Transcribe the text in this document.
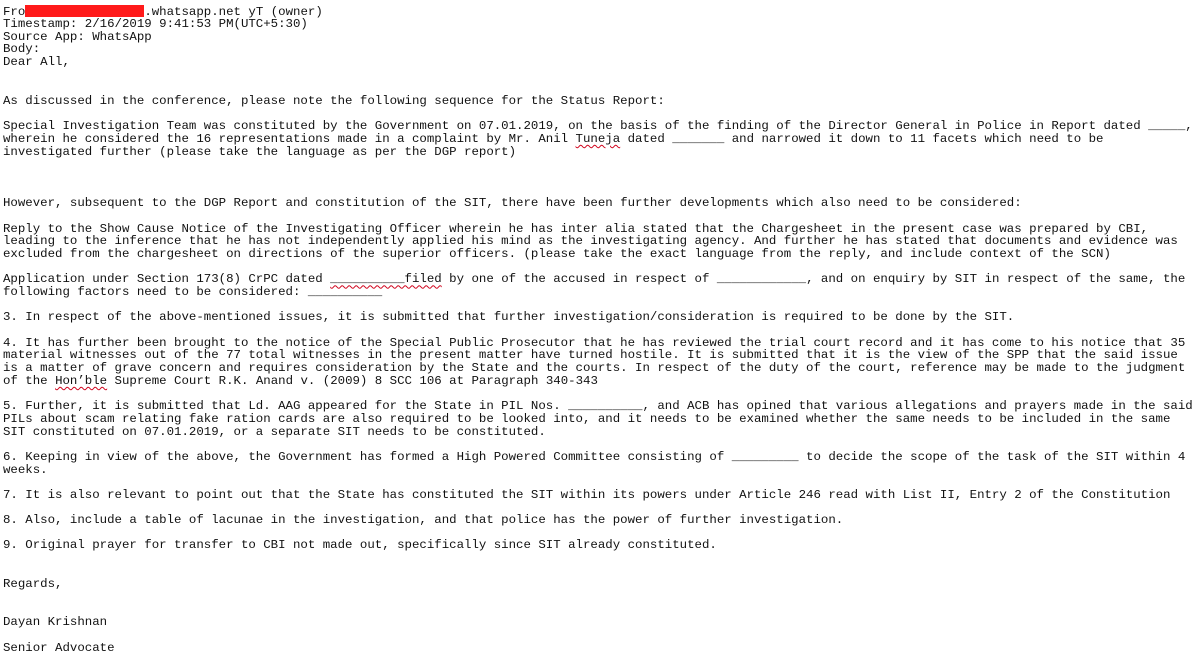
Fro	.whatsapp.net yT (owner)
Timestamp: 2/16/2019 9:41:53 PM(UTC+5:30)
Source App: WhatsApp
Body:
Dear All,
As discussed in the conference, please note the following sequence for the Status Report:
Special Investigation Team was constituted by the Government on 07.01.2019, on the basis of the finding of the Director General in Police in Report dated _____, wherein he considered the 16 representations made in a complaint by Mr. Anil Tuneja dated _______ and narrowed it down to 11 facets which need to be investigated further (please take the language as per the DGP report)
However, subsequent to the DGP Report and constitution of the SIT, there have been further developments which also need to be considered:
Reply to the Show Cause Notice of the Investigating Officer wherein he has inter alia stated that the Chargesheet in the present case was prepared by CBI, leading to the inference that he has not independently applied his mind as the investigating agency. And further he has stated that documents and evidence was excluded from the chargesheet on directions of the superior officers. (please take the exact language from the reply, and include context of the SCN)
Application under Section 173(8) CrPC dated __________filed by one of the accused in respect of ____________, and on enquiry by SIT in respect of the same, the following factors need to be considered: __________
3. In respect of the above-mentioned issues, it is submitted that further investigation/consideration is required to be done by the SIT.
4. It has further been brought to the notice of the Special Public Prosecutor that he has reviewed the trial court record and it has come to his notice that 35 material witnesses out of the 77 total witnesses in the present matter have turned hostile. It is submitted that it is the view of the SPP that the said issue is a matter of grave concern and requires consideration by the State and the courts. In respect of the duty of the court, reference may be made to the judgment of the Hon’ble Supreme Court R.K. Anand v. (2009) 8 SCC 106 at Paragraph 340-343
5. Further, it is submitted that Ld. AAG appeared for the State in PIL Nos. __________, and ACB has opined that various allegations and prayers made in the said PILs about scam relating fake ration cards are also required to be looked into, and it needs to be examined whether the same needs to be included in the same SIT constituted on 07.01.2019, or a separate SIT needs to be constituted.
6. Keeping in view of the above, the Government has formed a High Powered Committee consisting of _________ to decide the scope of the task of the SIT within 4 weeks.
7. It is also relevant to point out that the State has constituted the SIT within its powers under Article 246 read with List II, Entry 2 of the Constitution
8. Also, include a table of lacunae in the investigation, and that police has the power of further investigation.
9. Original prayer for transfer to CBI not made out, specifically since SIT already constituted.
Regards,
Dayan Krishnan
Senior Advocate
